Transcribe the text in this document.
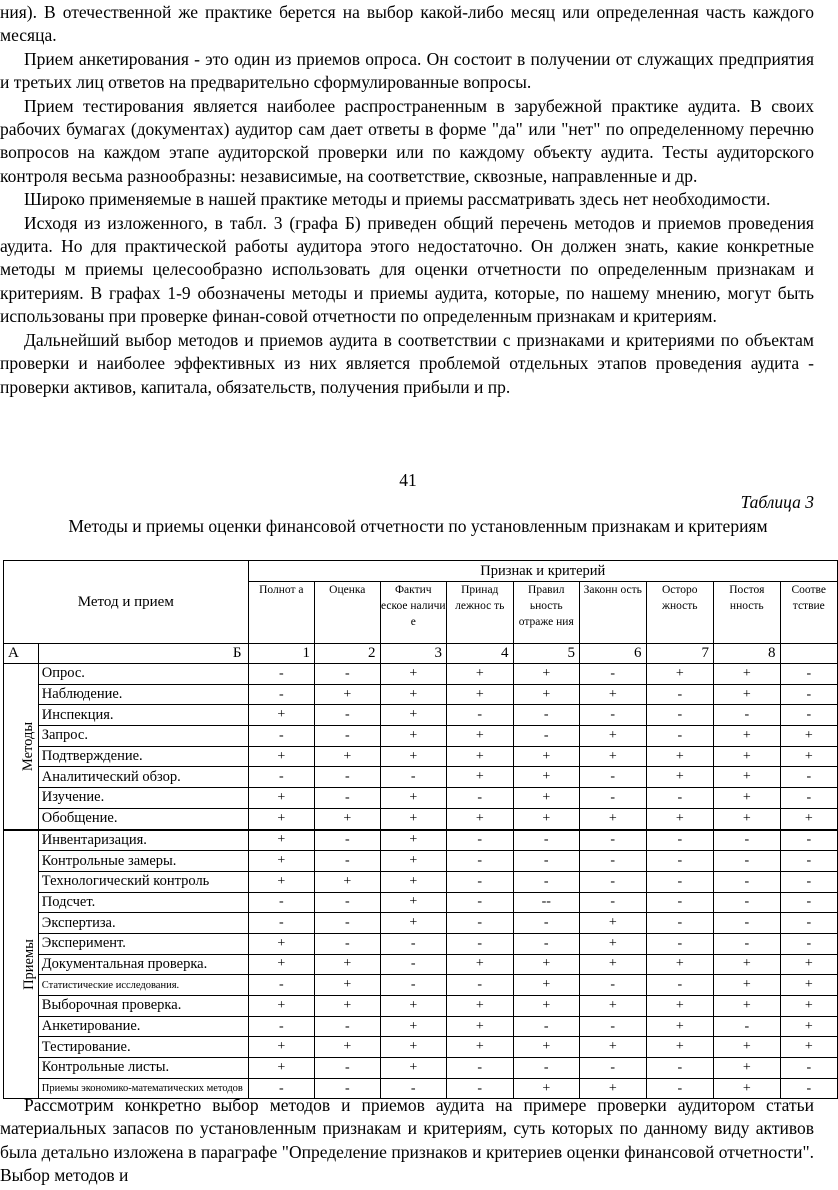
ния). В отечественной же практике берется на выбор какой-либо месяц или определенная часть каждого месяца.

Прием анкетирования - это один из приемов опроса. Он состоит в получении от служащих предприятия и третьих лиц ответов на предварительно сформулированные вопросы.

Прием тестирования является наиболее распространенным в зарубежной практике аудита. В своих рабочих бумагах (документах) аудитор сам дает ответы в форме "да" или "нет" по определенному перечню вопросов на каждом этапе аудиторской проверки или по каждому объекту аудита. Тесты аудиторского контроля весьма разнообразны: независимые, на соответствие, сквозные, направленные и др.

Широко применяемые в нашей практике методы и приемы рассматривать здесь нет необходимости.

Исходя из изложенного, в табл. 3 (графа Б) приведен общий перечень методов и приемов проведения аудита. Но для практической работы аудитора этого недостаточно. Он должен знать, какие конкретные методы м приемы целесообразно использовать для оценки отчетности по определенным признакам и критериям. В графах 1-9 обозначены методы и приемы аудита, которые, по нашему мнению, могут быть использованы при проверке финан-совой отчетности по определенным признакам и критериям.

Дальнейший выбор методов и приемов аудита в соответствии с признаками и критериями по объектам проверки и наиболее эффективных из них является проблемой отдельных этапов проведения аудита - проверки активов, капитала, обязательств, получения прибыли и пр.

41
Таблица 3
Методы и приемы оценки финансовой отчетности по установленным признакам и критериям
Метод и прием		Признак и критерий								
		Полнот а	Оценка	Фактич еское наличи е	Принад лежнос ть	Правил ьность отраже ния	Законн ость	Осторо жность	Постоя нность	Соотве тствие
А	Б	1	2	3	4	5	6	7	8	
Методы	Опрос.	-	-	+	+	+	-	+	+	-
	Наблюдение.	-	+	+	+	+	+	-	+	-
	Инспекция.	+	-	+	-	-	-	-	-	-
	Запрос.	-	-	+	+	-	+	-	+	+
	Подтверждение.	+	+	+	+	+	+	+	+	+
	Аналитический обзор.	-	-	-	+	+	-	+	+	-
	Изучение.	+	-	+	-	+	-	-	+	-
	Обобщение.	+	+	+	+	+	+	+	+	+
Приемы	Инвентаризация.	+	-	+	-	-	-	-	-	-
	Контрольные замеры.	+	-	+	-	-	-	-	-	-
	Технологический контроль	+	+	+	-	-	-	-	-	-
	Подсчет.	-	-	+	-	--	-	-	-	-
	Экспертиза.	-	-	+	-	-	+	-	-	-
	Эксперимент.	+	-	-	-	-	+	-	-	-
	Документальная проверка.	+	+	-	+	+	+	+	+	+
	Статистические исследования.	-	+	-	-	+	-	-	+	+
	Выборочная проверка.	+	+	+	+	+	+	+	+	+
	Анкетирование.	-	-	+	+	-	-	+	-	+
	Тестирование.	+	+	+	+	+	+	+	+	+
	Контрольные листы.	+	-	+	-	-	-	-	+	-
	Приемы экономико-математических методов	-	-	-	-	+	+	-	+	-

Рассмотрим конкретно выбор методов и приемов аудита на примере проверки аудитором статьи материальных запасов по установленным признакам и критериям, суть которых по данному виду активов была детально изложена в параграфе "Определение признаков и критериев оценки финансовой отчетности". Выбор методов и
